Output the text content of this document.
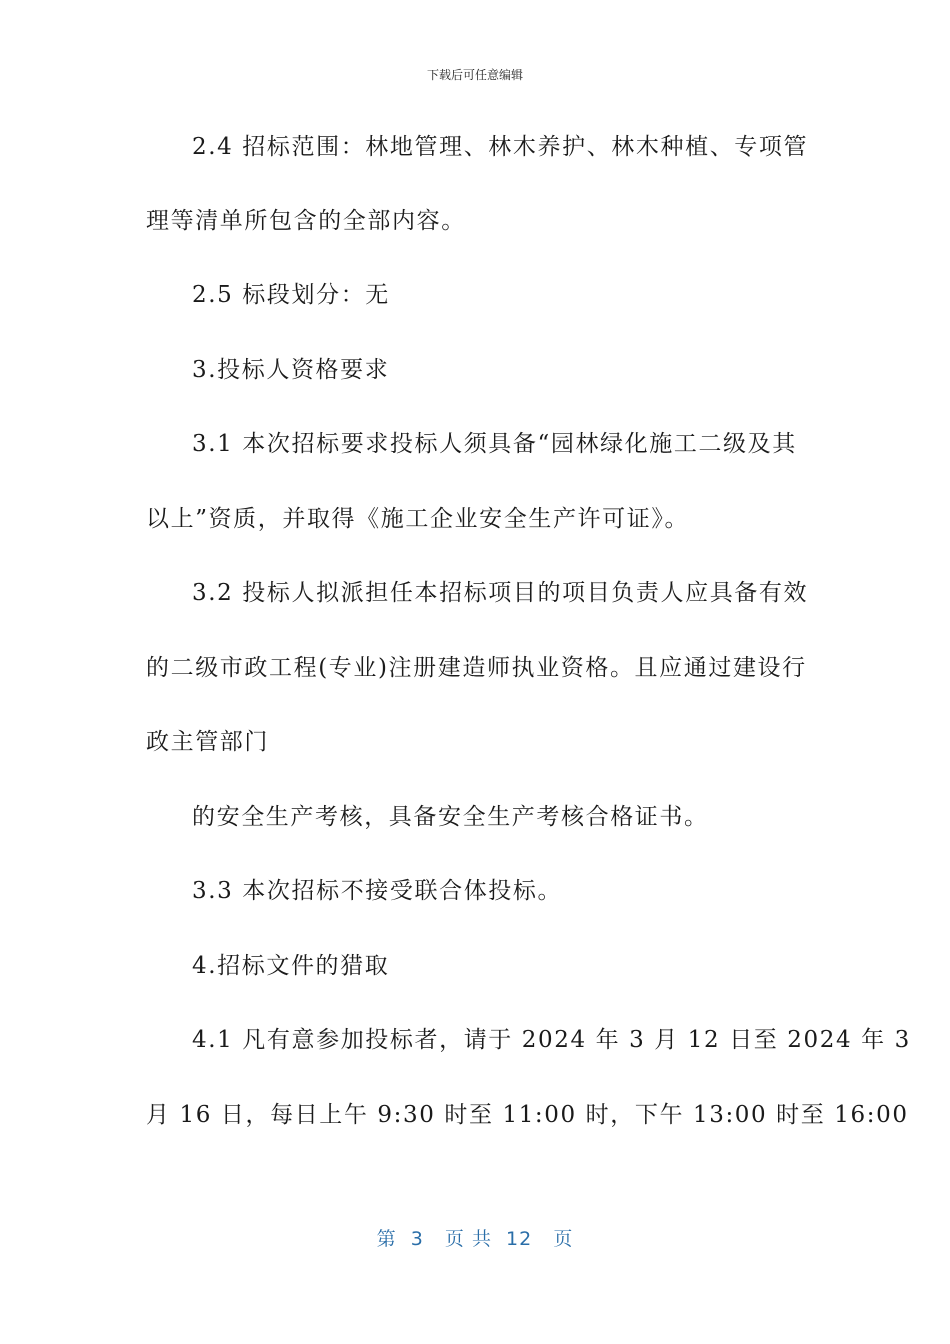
下载后可任意编辑
2.4 招标范围：林地管理、林木养护、林木种植、专项管
理等清单所包含的全部内容。
2.5 标段划分：无
3.投标人资格要求
3.1 本次招标要求投标人须具备“园林绿化施工二级及其
以上”资质，并取得《施工企业安全生产许可证》。
3.2 投标人拟派担任本招标项目的项目负责人应具备有效
的二级市政工程(专业)注册建造师执业资格。且应通过建设行
政主管部门
的安全生产考核，具备安全生产考核合格证书。
3.3 本次招标不接受联合体投标。
4.招标文件的猎取
4.1 凡有意参加投标者，请于 2024 年 3 月 12 日至 2024 年 3
月 16 日，每日上午 9:30 时至 11:00 时，下午 13:00 时至 16:00
第  3   页 共  12   页
